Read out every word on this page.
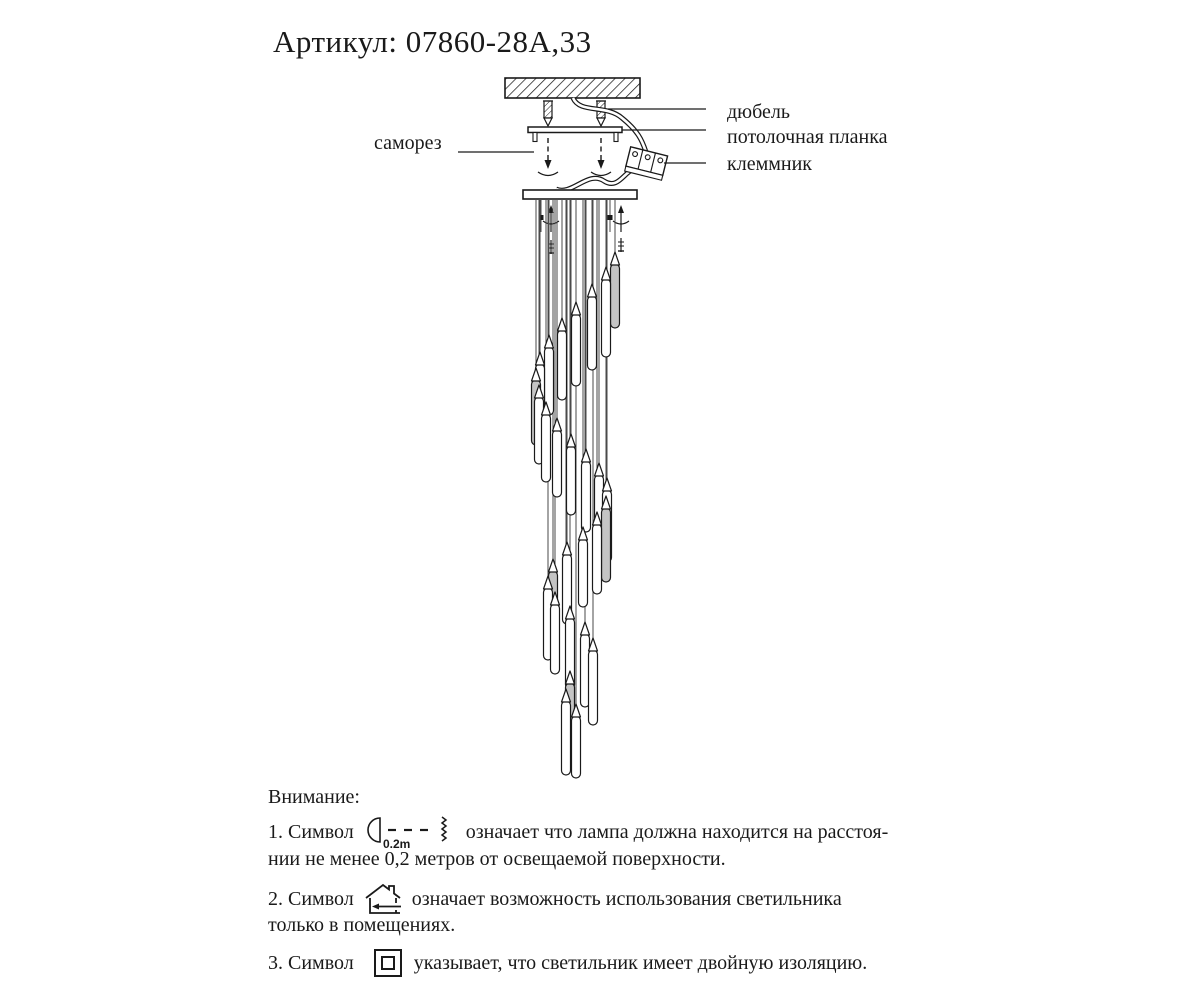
Артикул: 07860-28А,33
саморез
дюбель
потолочная планка
клеммник
Внимание:
1. Символ
0.2m
означает что лампа должна находится на расстоя-
нии не менее 0,2 метров от освещаемой поверхности.
2. Символ	означает возможность использования светильника
только в помещениях.
3. Символ	указывает, что светильник имеет двойную изоляцию.
